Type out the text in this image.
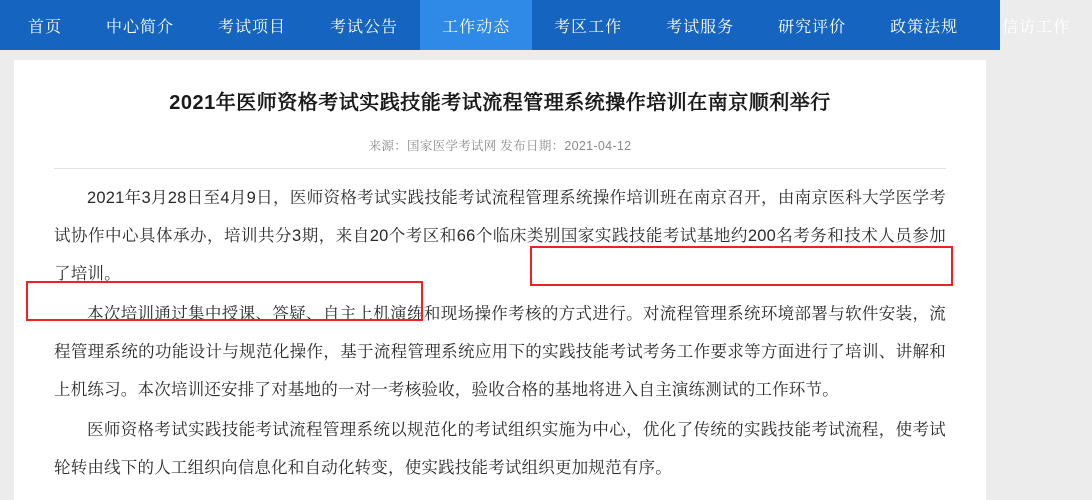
首页	中心简介	考试项目	考试公告	工作动态	考区工作	考试服务	研究评价	政策法规	信访工作
2021年医师资格考试实践技能考试流程管理系统操作培训在南京顺利举行
来源：国家医学考试网 发布日期：2021-04-12

2021年3月28日至4月9日，医师资格考试实践技能考试流程管理系统操作培训班在南京召开，由南京医科大学医学考试协作中心具体承办，培训共分3期，来自20个考区和66个临床类别国家实践技能考试基地约200名考务和技术人员参加了培训。

本次培训通过集中授课、答疑、自主上机演练和现场操作考核的方式进行。对流程管理系统环境部署与软件安装，流程管理系统的功能设计与规范化操作，基于流程管理系统应用下的实践技能考试考务工作要求等方面进行了培训、讲解和上机练习。本次培训还安排了对基地的一对一考核验收，验收合格的基地将进入自主演练测试的工作环节。

医师资格考试实践技能考试流程管理系统以规范化的考试组织实施为中心，优化了传统的实践技能考试流程，使考试轮转由线下的人工组织向信息化和自动化转变，使实践技能考试组织更加规范有序。
